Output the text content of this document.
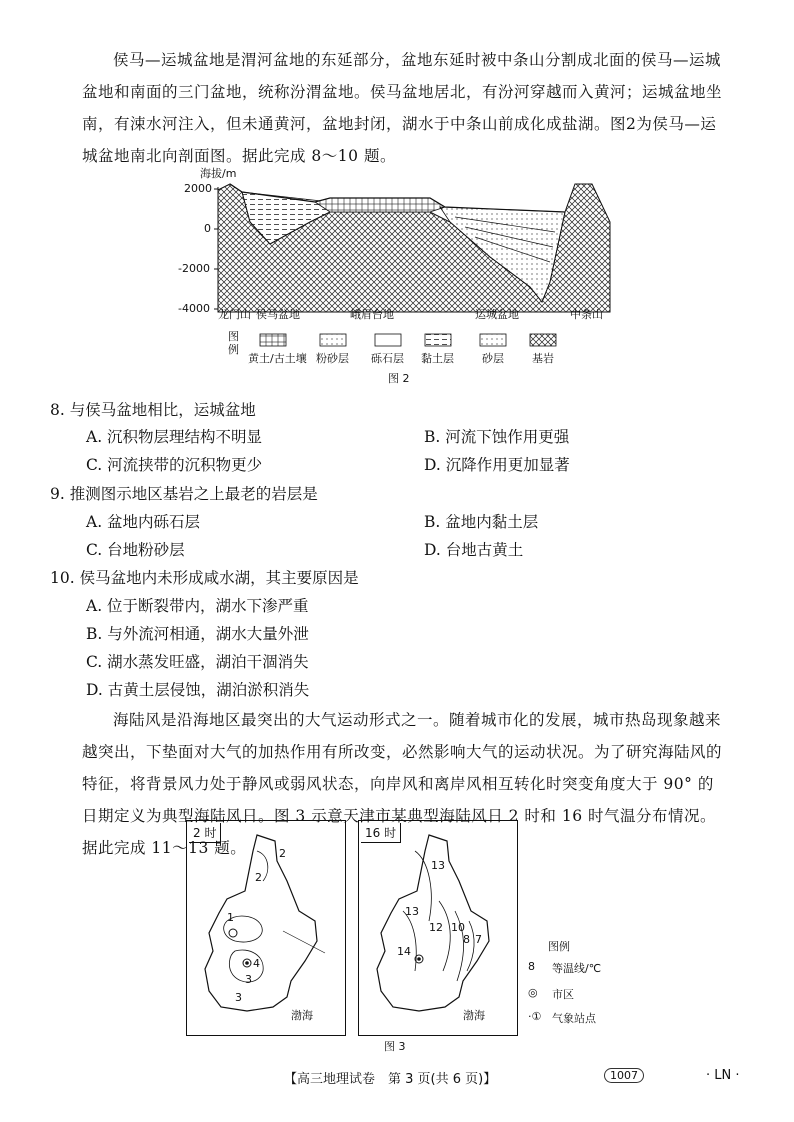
侯马—运城盆地是渭河盆地的东延部分，盆地东延时被中条山分割成北面的侯马—运城盆地和南面的三门盆地，统称汾渭盆地。侯马盆地居北，有汾河穿越而入黄河；运城盆地坐南，有涑水河注入，但未通黄河，盆地封闭，湖水于中条山前成化成盐湖。图2为侯马—运城盆地南北向剖面图。据此完成 8～10 题。
海拔/m
2000
0
-2000
-4000 龙门山 侯马盆地	峨眉台地	运城盆地	中条山
图例
黄土/古土壤 粉砂层 砾石层 黏土层	砂层	基岩
图 2
8. 与侯马盆地相比，运城盆地
A. 沉积物层理结构不明显	B. 河流下蚀作用更强
C. 河流挟带的沉积物更少	D. 沉降作用更加显著
9. 推测图示地区基岩之上最老的岩层是
A. 盆地内砾石层	B. 盆地内黏土层
C. 台地粉砂层	D. 台地古黄土
10. 侯马盆地内未形成咸水湖，其主要原因是
A. 位于断裂带内，湖水下渗严重
B. 与外流河相通，湖水大量外泄
C. 湖水蒸发旺盛，湖泊干涸消失
D. 古黄土层侵蚀，湖泊淤积消失
海陆风是沿海地区最突出的大气运动形式之一。随着城市化的发展，城市热岛现象越来越突出，下垫面对大气的加热作用有所改变，必然影响大气的运动状况。为了研究海陆风的特征，将背景风力处于静风或弱风状态，向岸风和离岸风相互转化时突变角度大于 90° 的日期定义为典型海陆风日。图 3 示意天津市某典型海陆风日 2 时和 16 时气温分布情况。据此完成 11～13 题。
2 时
2
2
1
4
3
3
渤海
16 时
13
13
12 10
14
8 7
渤海
图例
8 等温线/℃
◎ 市区
·① 气象站点
图 3
【高三地理试卷　第 3 页(共 6 页)】	1007	· LN ·
